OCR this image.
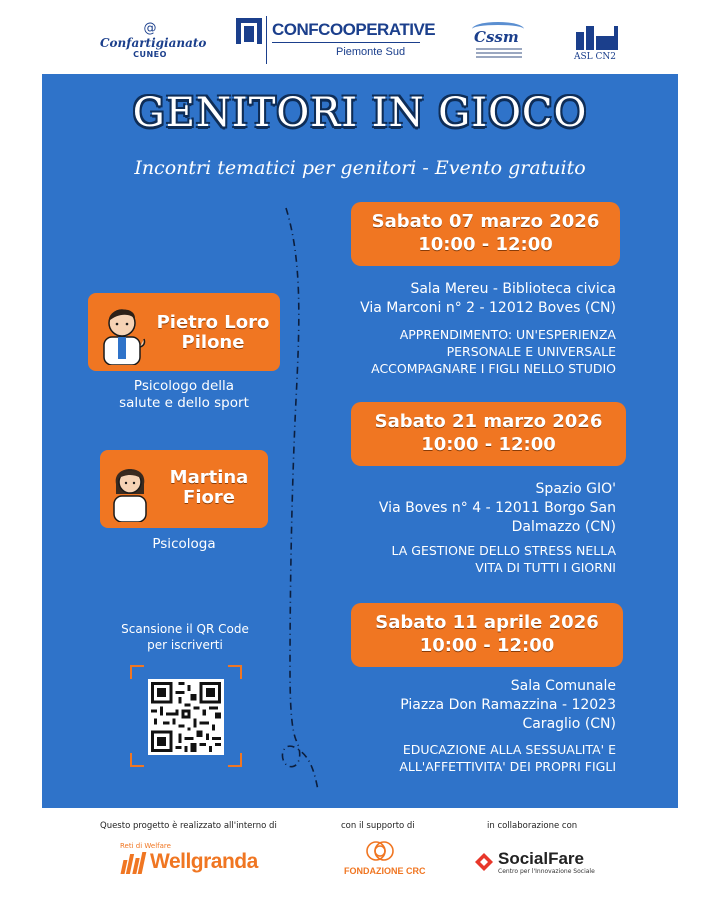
@
Confartigianato
CUNEO
CONFCOOPERATIVE
Piemonte Sud
Cssm
ASL CN2
GENITORI IN GIOCO
Incontri tematici per genitori - Evento gratuito
Sabato 07 marzo 2026
10:00 - 12:00
Sala Mereu - Biblioteca civica
Via Marconi n° 2 - 12012 Boves (CN)
APPRENDIMENTO: UN'ESPERIENZA
PERSONALE E UNIVERSALE
ACCOMPAGNARE I FIGLI NELLO STUDIO
Sabato 21 marzo 2026
10:00 - 12:00
Spazio GIO'
Via Boves n° 4 - 12011 Borgo San
Dalmazzo (CN)
LA GESTIONE DELLO STRESS NELLA
VITA DI TUTTI I GIORNI
Sabato 11 aprile 2026
10:00 - 12:00
Sala Comunale
Piazza Don Ramazzina - 12023
Caraglio (CN)
EDUCAZIONE ALLA SESSUALITA' E
ALL'AFFETTIVITA' DEI PROPRI FIGLI
Pietro Loro
Pilone
Psicologo della
salute e dello sport
Martina
Fiore
Psicologa
Scansione il QR Code
per iscriverti
Questo progetto è realizzato all'interno di	con il supporto di	in collaborazione con
Reti di Welfare
Wellgranda	FONDAZIONE CRC
SocialFare
Centro per l'Innovazione Sociale
